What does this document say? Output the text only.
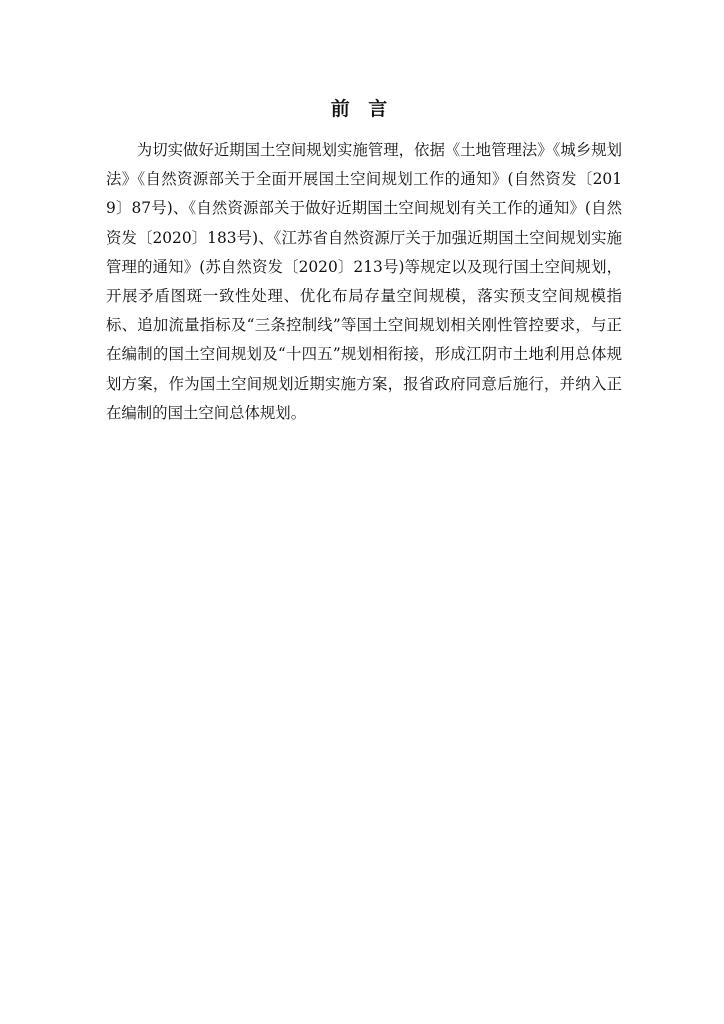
前 言

为切实做好近期国土空间规划实施管理，依据《土地管理法》《城乡规划法》《自然资源部关于全面开展国土空间规划工作的通知》(自然资发〔2019〕87号)、《自然资源部关于做好近期国土空间规划有关工作的通知》(自然资发〔2020〕183号)、《江苏省自然资源厅关于加强近期国土空间规划实施管理的通知》(苏自然资发〔2020〕213号)等规定以及现行国土空间规划，开展矛盾图斑一致性处理、优化布局存量空间规模，落实预支空间规模指标、追加流量指标及“三条控制线”等国土空间规划相关刚性管控要求，与正在编制的国土空间规划及“十四五”规划相衔接，形成江阴市土地利用总体规划方案，作为国土空间规划近期实施方案，报省政府同意后施行，并纳入正在编制的国土空间总体规划。
